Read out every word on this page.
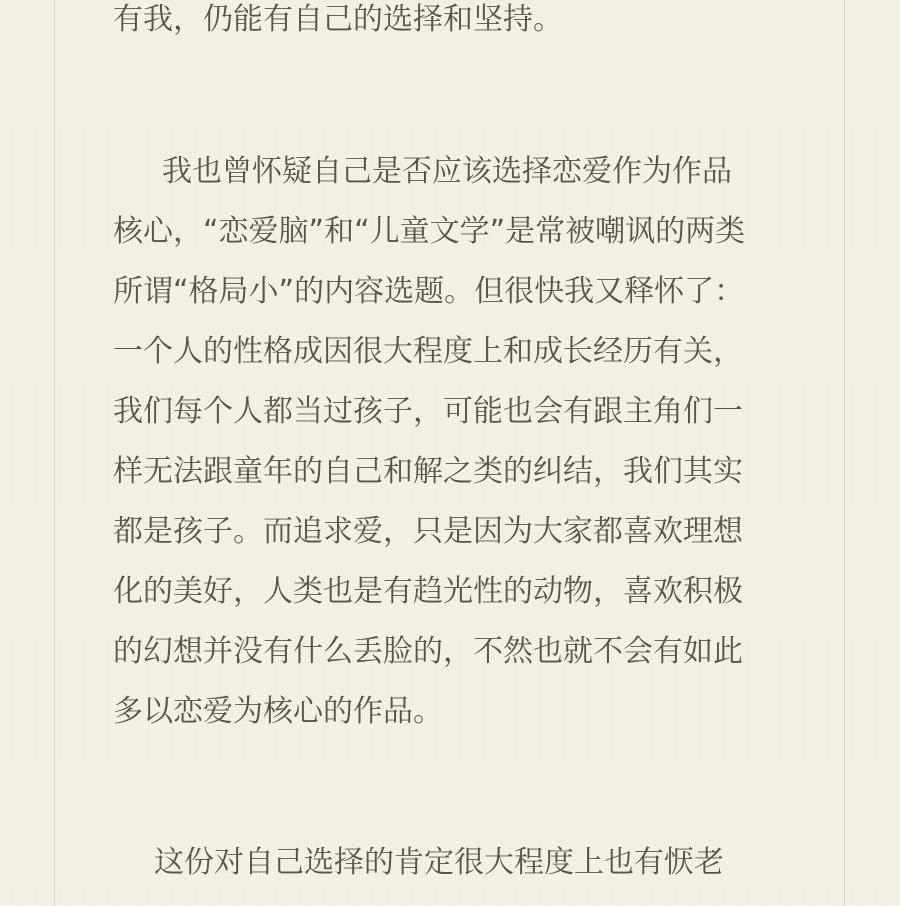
有我，仍能有自己的选择和坚持。
我也曾怀疑自己是否应该选择恋爱作为作品
核心，“恋爱脑”和“儿童文学”是常被嘲讽的两类
所谓“格局小”的内容选题。但很快我又释怀了：
一个人的性格成因很大程度上和成长经历有关，
我们每个人都当过孩子，可能也会有跟主角们一
样无法跟童年的自己和解之类的纠结，我们其实
都是孩子。而追求爱，只是因为大家都喜欢理想
化的美好，人类也是有趋光性的动物，喜欢积极
的幻想并没有什么丢脸的，不然也就不会有如此
多以恋爱为核心的作品。
这份对自己选择的肯定很大程度上也有恹老
